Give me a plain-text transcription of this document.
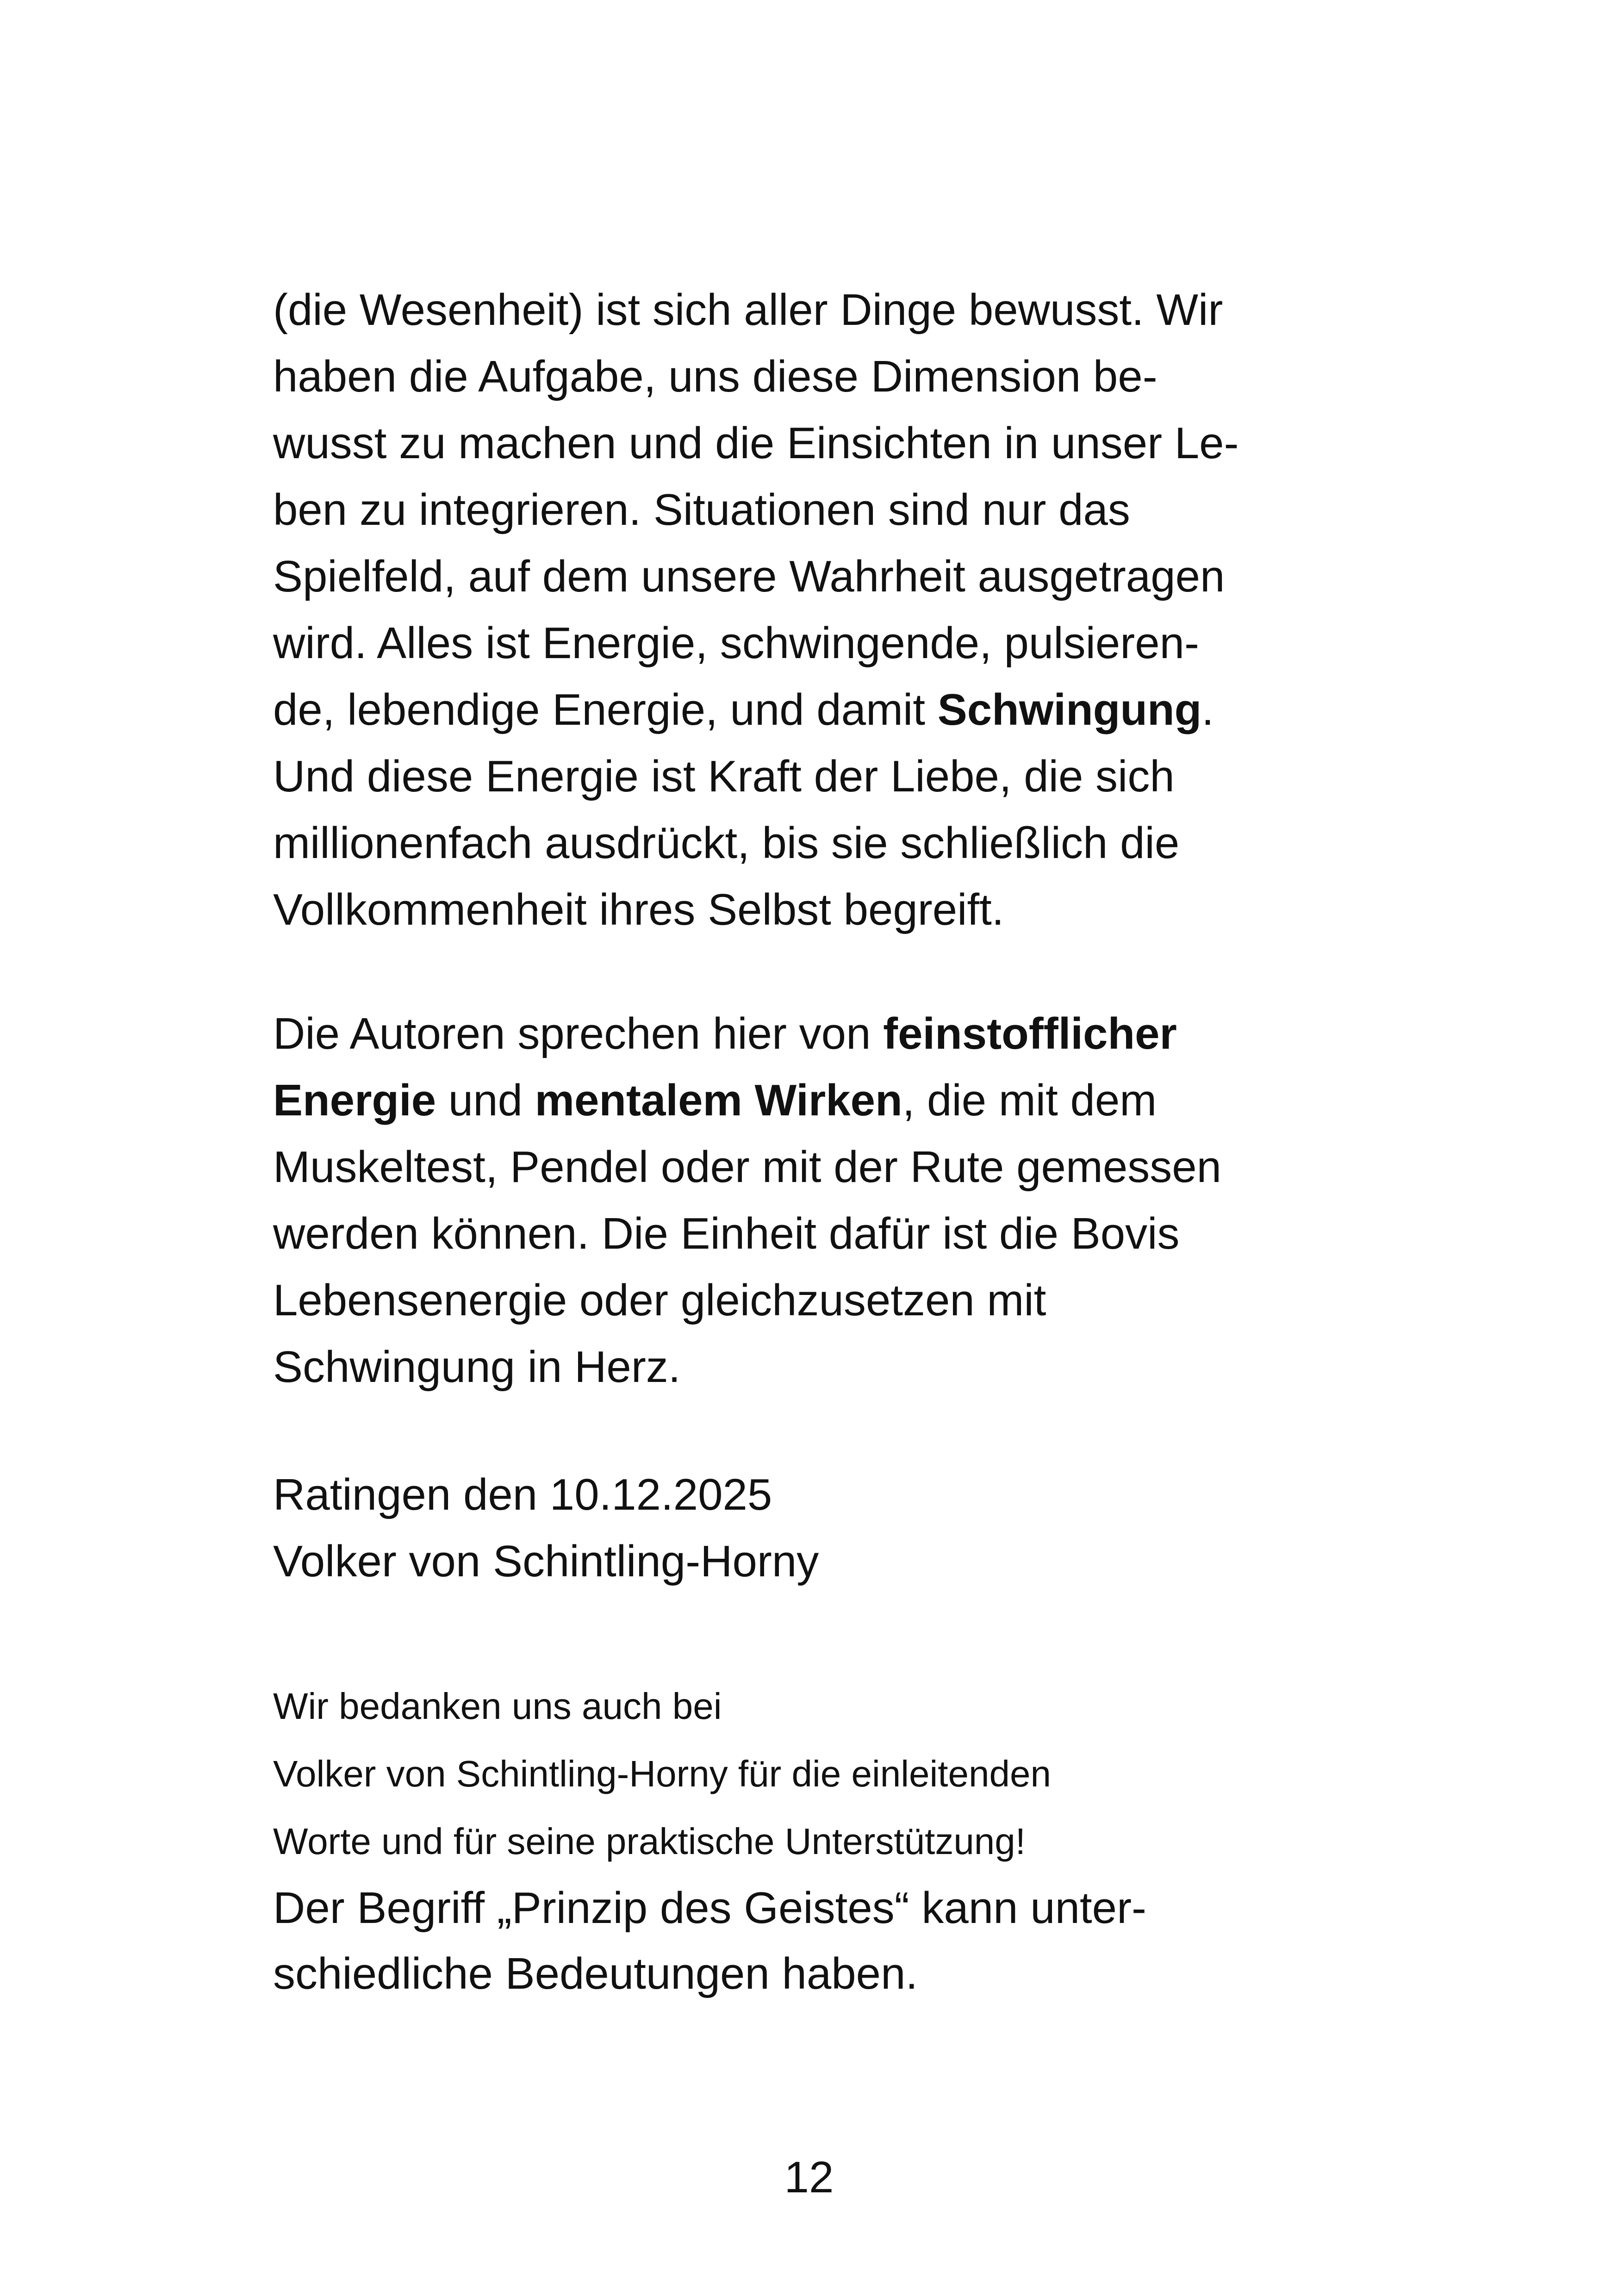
(die Wesenheit) ist sich aller Dinge bewusst. Wir
haben die Aufgabe, uns diese Dimension be-
wusst zu machen und die Einsichten in unser Le-
ben zu integrieren. Situationen sind nur das
Spielfeld, auf dem unsere Wahrheit ausgetragen
wird. Alles ist Energie, schwingende, pulsieren-
de, lebendige Energie, und damit Schwingung.
Und diese Energie ist Kraft der Liebe, die sich
millionenfach ausdrückt, bis sie schließlich die
Vollkommenheit ihres Selbst begreift.
Die Autoren sprechen hier von feinstofflicher
Energie und mentalem Wirken, die mit dem
Muskeltest, Pendel oder mit der Rute gemessen
werden können. Die Einheit dafür ist die Bovis
Lebensenergie oder gleichzusetzen mit
Schwingung in Herz.
Ratingen den 10.12.2025
Volker von Schintling-Horny
Wir bedanken uns auch bei
Volker von Schintling-Horny für die einleitenden
Worte und für seine praktische Unterstützung!
Der Begriff „Prinzip des Geistes“ kann unter-
schiedliche Bedeutungen haben.
12
